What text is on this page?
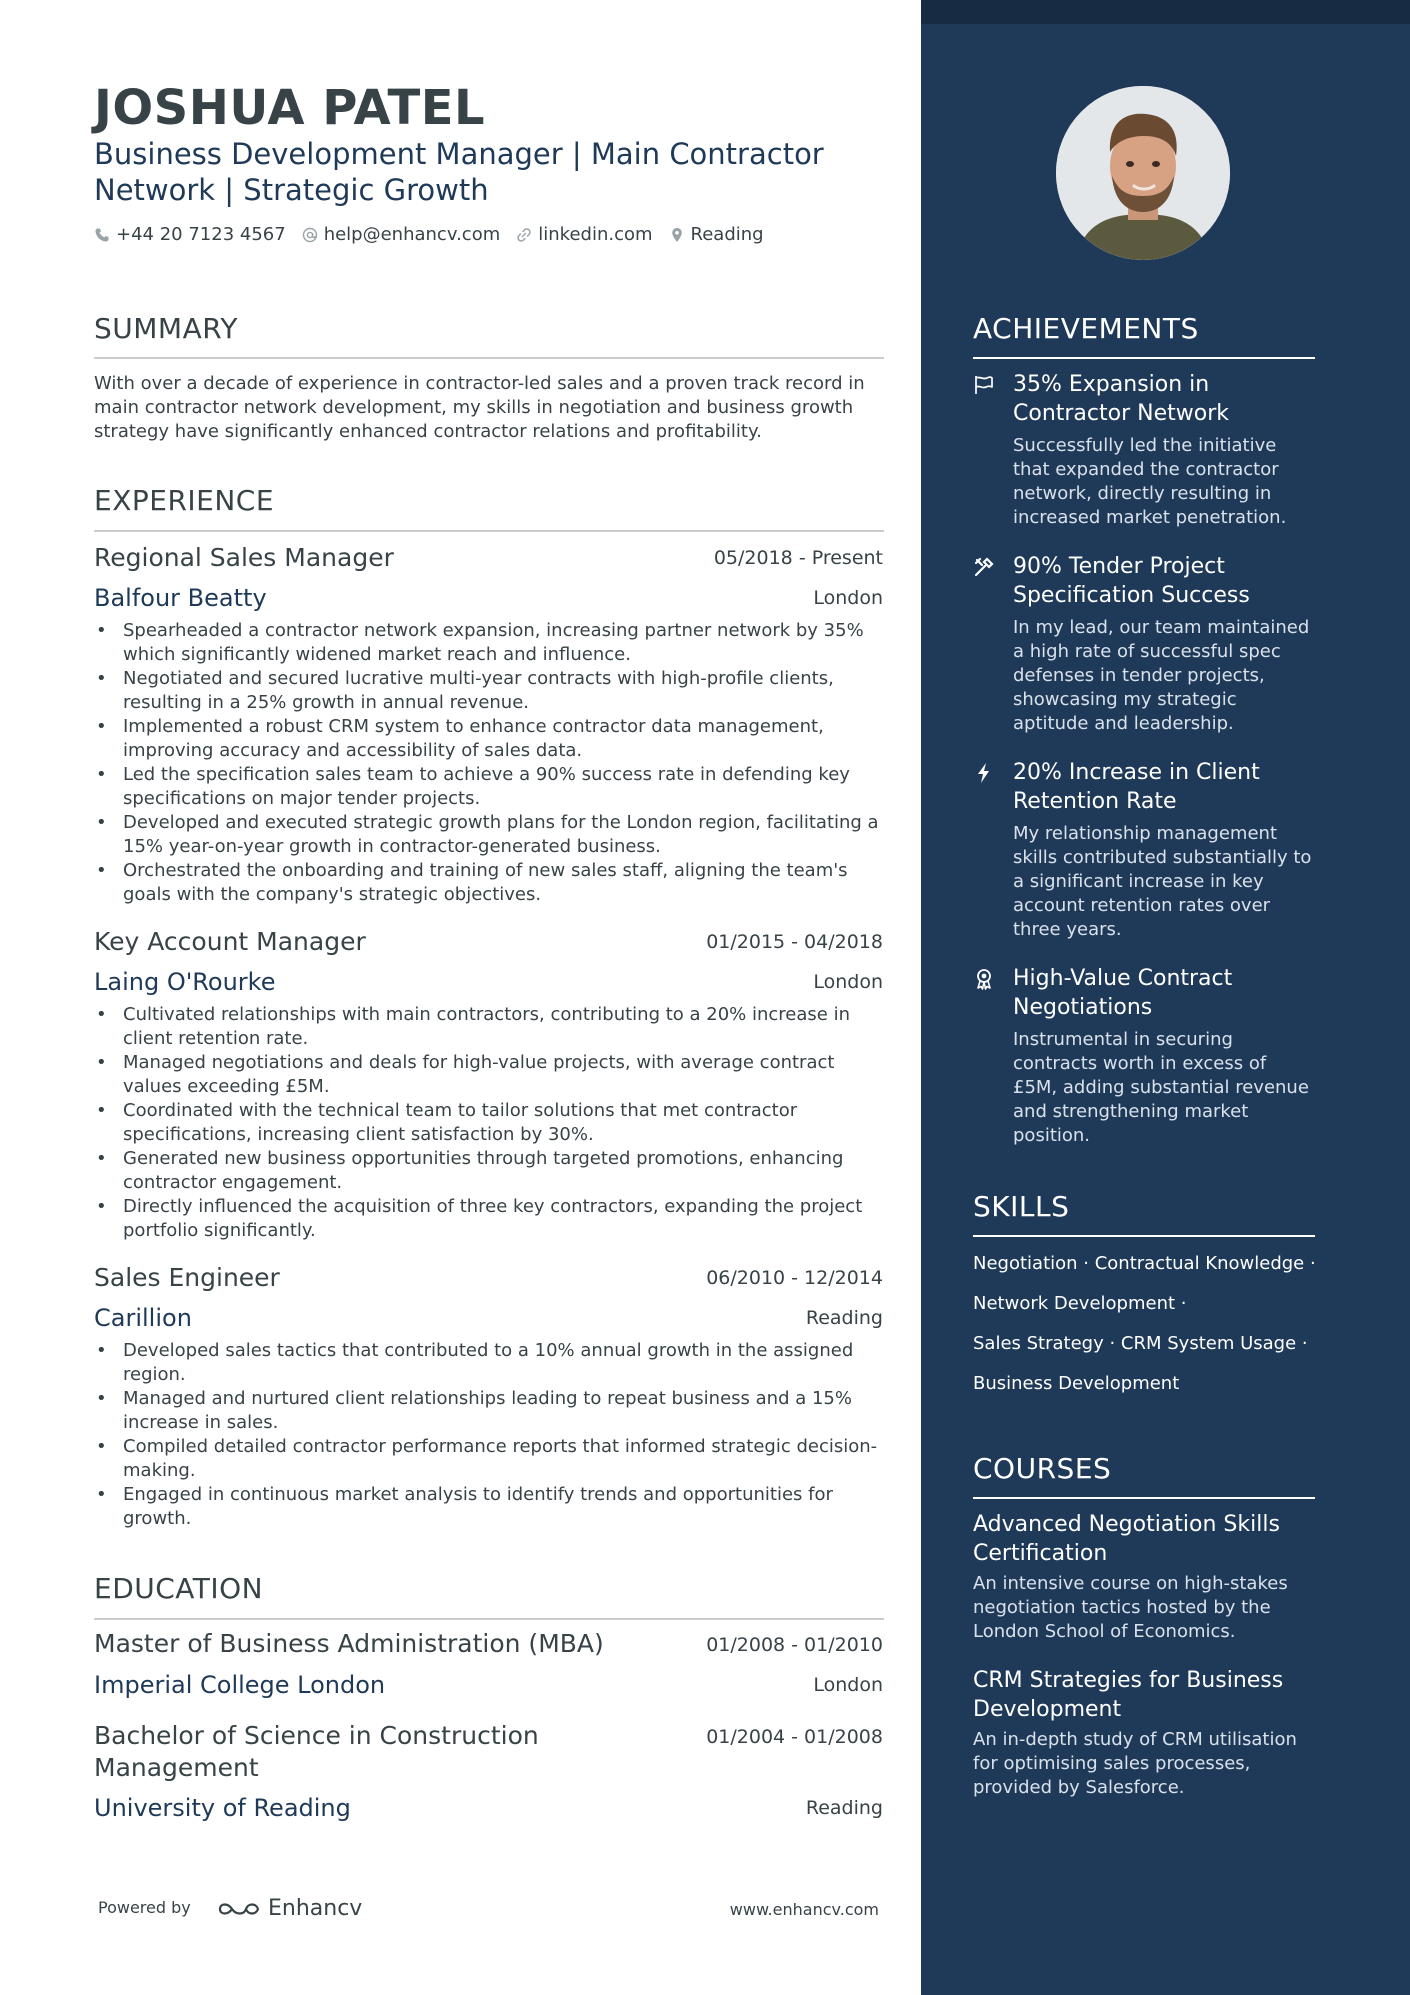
JOSHUA PATEL
Business Development Manager | Main Contractor
Network | Strategic Growth
+44 20 7123 4567 help@enhancv.com linkedin.com Reading
SUMMARY
With over a decade of experience in contractor-led sales and a proven track record in main contractor network development, my skills in negotiation and business growth strategy have significantly enhanced contractor relations and profitability.
EXPERIENCE
Regional Sales Manager	05/2018 - Present
Balfour Beatty	London
• Spearheaded a contractor network expansion, increasing partner network by 35% which significantly widened market reach and influence.
• Negotiated and secured lucrative multi-year contracts with high-profile clients, resulting in a 25% growth in annual revenue.
• Implemented a robust CRM system to enhance contractor data management, improving accuracy and accessibility of sales data.
• Led the specification sales team to achieve a 90% success rate in defending key specifications on major tender projects.
• Developed and executed strategic growth plans for the London region, facilitating a 15% year-on-year growth in contractor-generated business.
• Orchestrated the onboarding and training of new sales staff, aligning the team's goals with the company's strategic objectives.
Key Account Manager	01/2015 - 04/2018
Laing O'Rourke	London
• Cultivated relationships with main contractors, contributing to a 20% increase in client retention rate.
• Managed negotiations and deals for high-value projects, with average contract values exceeding £5M.
• Coordinated with the technical team to tailor solutions that met contractor specifications, increasing client satisfaction by 30%.
• Generated new business opportunities through targeted promotions, enhancing contractor engagement.
• Directly influenced the acquisition of three key contractors, expanding the project portfolio significantly.
Sales Engineer	06/2010 - 12/2014
Carillion	Reading
• Developed sales tactics that contributed to a 10% annual growth in the assigned region.
• Managed and nurtured client relationships leading to repeat business and a 15% increase in sales.
• Compiled detailed contractor performance reports that informed strategic decision-making.
• Engaged in continuous market analysis to identify trends and opportunities for growth.
EDUCATION
Master of Business Administration (MBA)	01/2008 - 01/2010
Imperial College London	London
Bachelor of Science in Construction
Management
01/2004 - 01/2008
University of Reading	Reading
Powered by	Enhancv	www.enhancv.com
ACHIEVEMENTS
35% Expansion in Contractor Network
Successfully led the initiative that expanded the contractor network, directly resulting in increased market penetration.
90% Tender Project Specification Success
In my lead, our team maintained a high rate of successful spec defenses in tender projects, showcasing my strategic aptitude and leadership.
20% Increase in Client Retention Rate
My relationship management skills contributed substantially to a significant increase in key account retention rates over three years.
High-Value Contract Negotiations
Instrumental in securing contracts worth in excess of £5M, adding substantial revenue and strengthening market position.
SKILLS
Negotiation · Contractual Knowledge ·
Network Development ·
Sales Strategy · CRM System Usage ·
Business Development
COURSES
Advanced Negotiation Skills Certification
An intensive course on high-stakes negotiation tactics hosted by the London School of Economics.
CRM Strategies for Business Development
An in-depth study of CRM utilisation for optimising sales processes, provided by Salesforce.
